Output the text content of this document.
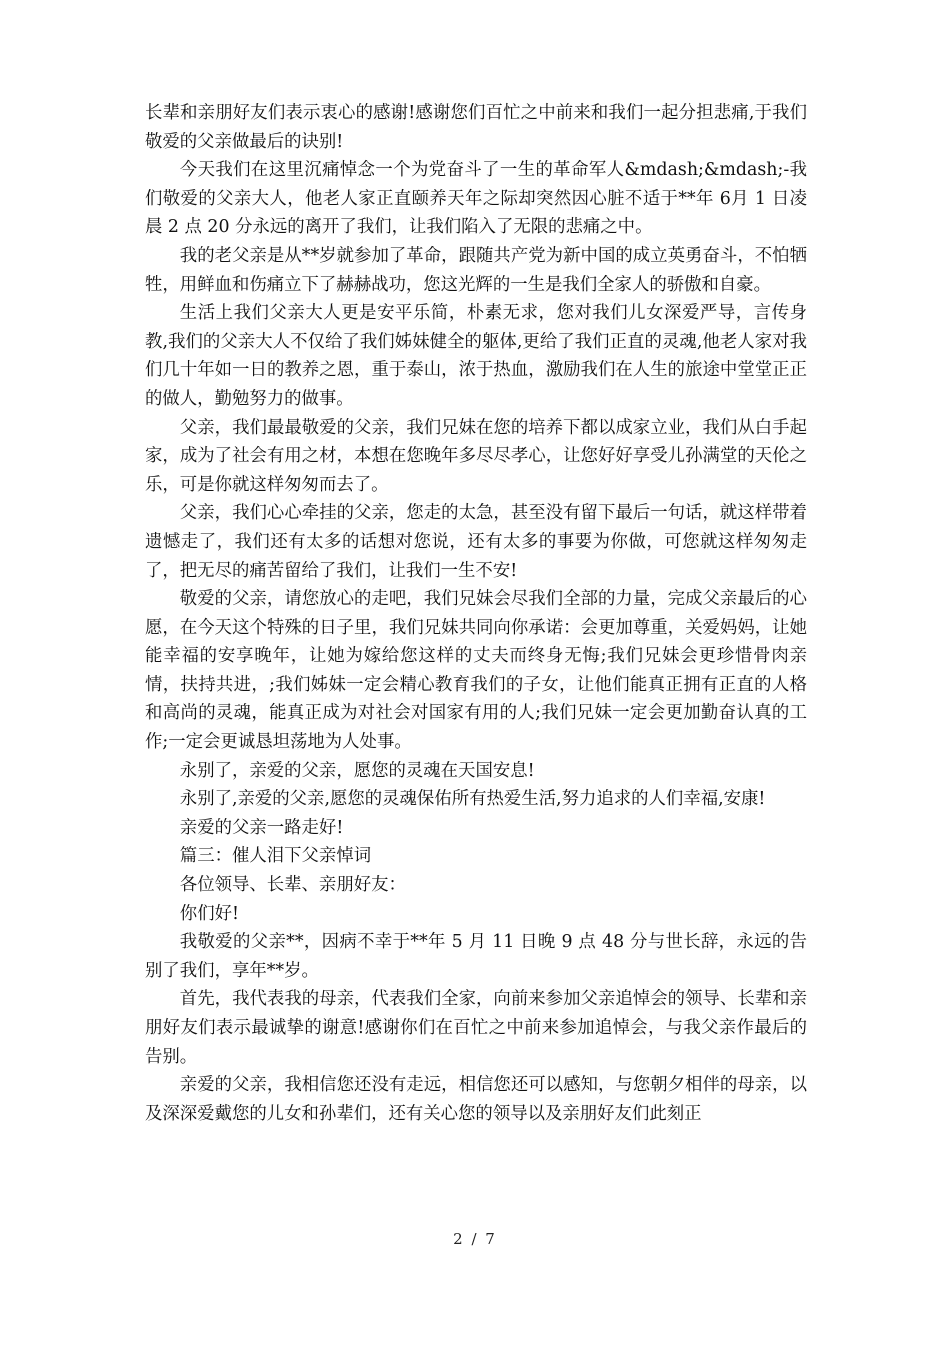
长辈和亲朋好友们表示衷心的感谢!感谢您们百忙之中前来和我们一起分担悲痛,于我们敬爱的父亲做最后的诀别!

今天我们在这里沉痛悼念一个为党奋斗了一生的革命军人&mdash;&mdash;-我们敬爱的父亲大人，他老人家正直颐养天年之际却突然因心脏不适于**年 6月 1 日凌晨 2 点 20 分永远的离开了我们，让我们陷入了无限的悲痛之中。

我的老父亲是从**岁就参加了革命，跟随共产党为新中国的成立英勇奋斗，不怕牺牲，用鲜血和伤痛立下了赫赫战功，您这光辉的一生是我们全家人的骄傲和自豪。

生活上我们父亲大人更是安平乐简，朴素无求，您对我们儿女深爱严导，言传身教,我们的父亲大人不仅给了我们姊妹健全的躯体,更给了我们正直的灵魂,他老人家对我们几十年如一日的教养之恩，重于泰山，浓于热血，激励我们在人生的旅途中堂堂正正的做人，勤勉努力的做事。

父亲，我们最最敬爱的父亲，我们兄妹在您的培养下都以成家立业，我们从白手起家，成为了社会有用之材，本想在您晚年多尽尽孝心，让您好好享受儿孙满堂的天伦之乐，可是你就这样匆匆而去了。

父亲，我们心心牵挂的父亲，您走的太急，甚至没有留下最后一句话，就这样带着遗憾走了，我们还有太多的话想对您说，还有太多的事要为你做，可您就这样匆匆走了，把无尽的痛苦留给了我们，让我们一生不安!

敬爱的父亲，请您放心的走吧，我们兄妹会尽我们全部的力量，完成父亲最后的心愿，在今天这个特殊的日子里，我们兄妹共同向你承诺：会更加尊重，关爱妈妈，让她能幸福的安享晚年，让她为嫁给您这样的丈夫而终身无悔;我们兄妹会更珍惜骨肉亲情，扶持共进，;我们姊妹一定会精心教育我们的子女，让他们能真正拥有正直的人格和高尚的灵魂，能真正成为对社会对国家有用的人;我们兄妹一定会更加勤奋认真的工作;一定会更诚恳坦荡地为人处事。

永别了，亲爱的父亲，愿您的灵魂在天国安息!

永别了,亲爱的父亲,愿您的灵魂保佑所有热爱生活,努力追求的人们幸福,安康!

亲爱的父亲一路走好!

篇三：催人泪下父亲悼词

各位领导、长辈、亲朋好友：

你们好!

我敬爱的父亲**，因病不幸于**年 5 月 11 日晚 9 点 48 分与世长辞，永远的告别了我们，享年**岁。

首先，我代表我的母亲，代表我们全家，向前来参加父亲追悼会的领导、长辈和亲朋好友们表示最诚挚的谢意!感谢你们在百忙之中前来参加追悼会，与我父亲作最后的告别。

亲爱的父亲，我相信您还没有走远，相信您还可以感知，与您朝夕相伴的母亲，以及深深爱戴您的儿女和孙辈们，还有关心您的领导以及亲朋好友们此刻正

2 / 7
